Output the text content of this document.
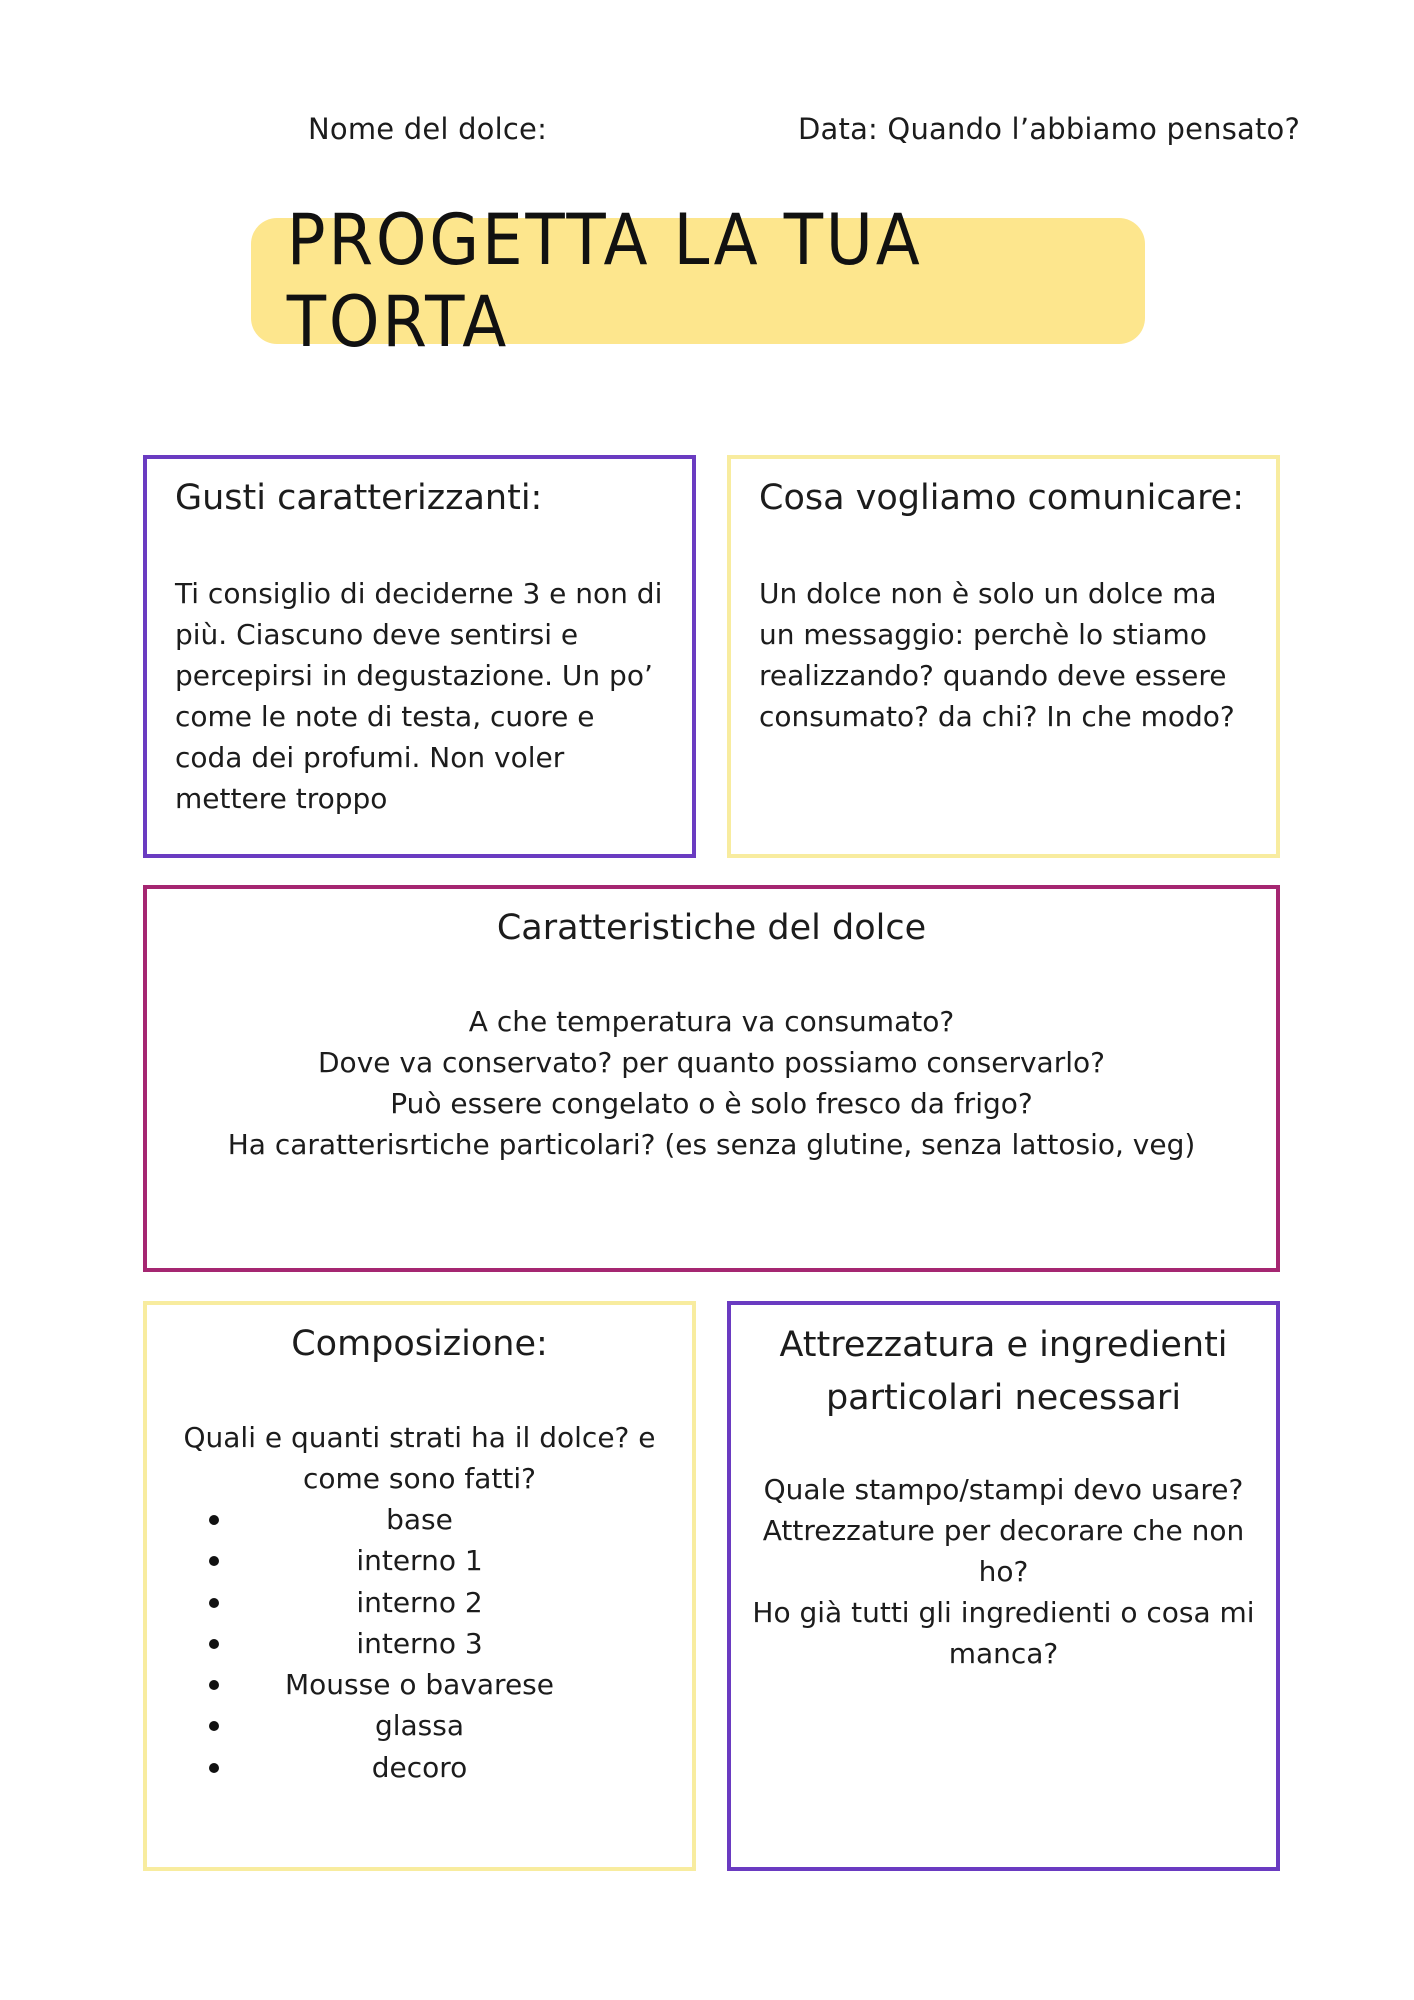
Nome del dolce:	Data: Quando l’abbiamo pensato?
PROGETTA LA TUA TORTA
Gusti caratterizzanti:

Ti consiglio di deciderne 3 e non di più. Ciascuno deve sentirsi e percepirsi in degustazione. Un po’ come le note di testa, cuore e coda dei profumi. Non voler mettere troppo

Cosa vogliamo comunicare:

Un dolce non è solo un dolce ma un messaggio: perchè lo stiamo realizzando? quando deve essere consumato? da chi? In che modo?

Caratteristiche del dolce
A che temperatura va consumato?
Dove va conservato? per quanto possiamo conservarlo?
Può essere congelato o è solo fresco da frigo?
Ha caratterisrtiche particolari? (es senza glutine, senza lattosio, veg)
Composizione:

Quali e quanti strati ha il dolce? e come sono fatti?

base
interno 1
interno 2
interno 3
Mousse o bavarese
glassa
decoro
Attrezzatura e ingredienti particolari necessari
Quale stampo/stampi devo usare?
Attrezzature per decorare che non ho?
Ho già tutti gli ingredienti o cosa mi manca?
